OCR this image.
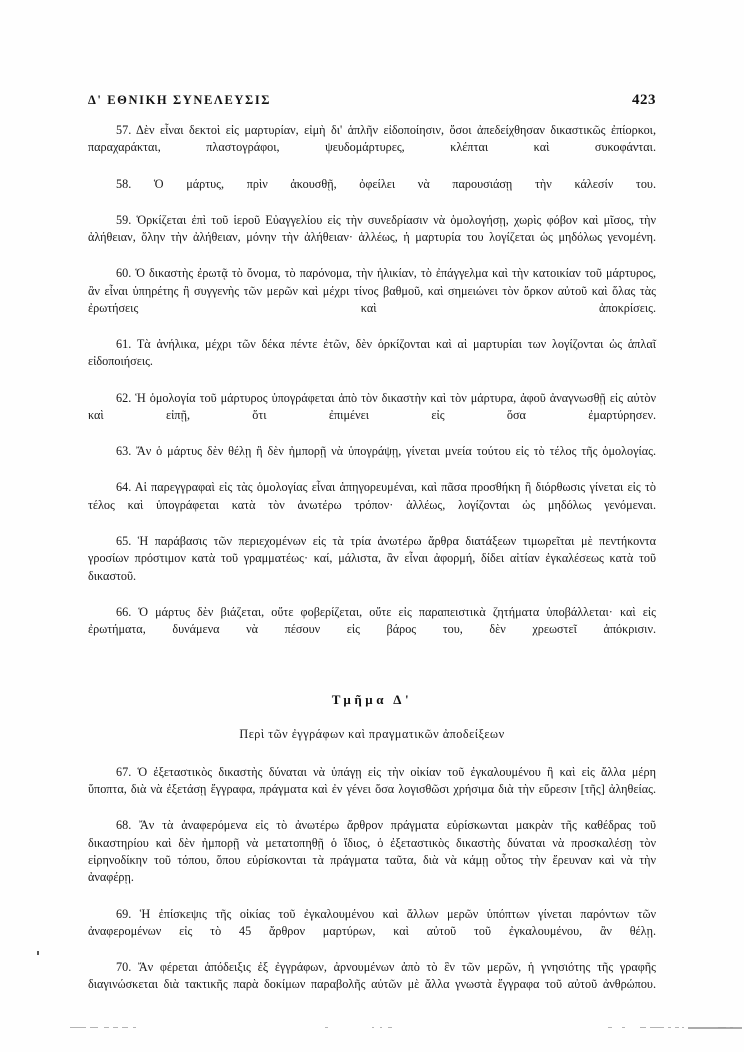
Δ' ΕΘΝΙΚΗ ΣΥΝΕΛΕΥΣΙΣ	423

57. Δὲν εἶναι δεκτοὶ εἰς μαρτυρίαν, εἰμὴ δι' ἁπλῆν εἰδοποίησιν, ὅσοι ἀπεδείχθησαν δικαστικῶς ἐπίορκοι, παραχαράκται, πλαστογράφοι, ψευδομάρτυρες, κλέπται καὶ συκοφάνται.

58. Ὁ μάρτυς, πρὶν ἀκουσθῇ, ὀφείλει νὰ παρουσιάσῃ τὴν κάλεσίν του.

59. Ὁρκίζεται ἐπὶ τοῦ ἱεροῦ Εὐαγγελίου εἰς τὴν συνεδρίασιν νὰ ὁμολογήσῃ, χωρὶς φόβον καὶ μῖσος, τὴν ἀλήθειαν, ὅλην τὴν ἀλήθειαν, μόνην τὴν ἀλήθειαν· ἀλλέως, ἡ μαρτυρία του λογίζεται ὡς μηδόλως γενομένη.

60. Ὁ δικαστὴς ἐρωτᾷ τὸ ὄνομα, τὸ παρόνομα, τὴν ἡλικίαν, τὸ ἐπάγγελμα καὶ τὴν κατοικίαν τοῦ μάρτυρος, ἂν εἶναι ὑπηρέτης ἢ συγγενὴς τῶν μερῶν καὶ μέχρι τίνος βαθμοῦ, καὶ σημειώνει τὸν ὅρκον αὐτοῦ καὶ ὅλας τὰς ἐρωτήσεις καὶ ἀποκρίσεις.

61. Τὰ ἀνήλικα, μέχρι τῶν δέκα πέντε ἐτῶν, δὲν ὁρκίζονται καὶ αἱ μαρτυρίαι των λογίζονται ὡς ἁπλαῖ εἰδοποιήσεις.

62. Ἡ ὁμολογία τοῦ μάρτυρος ὑπογράφεται ἀπὸ τὸν δικαστὴν καὶ τὸν μάρτυρα, ἀφοῦ ἀναγνωσθῇ εἰς αὐτὸν καὶ εἰπῇ, ὅτι ἐπιμένει εἰς ὅσα ἐμαρτύρησεν.

63. Ἄν ὁ μάρτυς δὲν θέλῃ ἢ δὲν ἠμπορῇ νὰ ὑπογράψῃ, γίνεται μνεία τούτου εἰς τὸ τέλος τῆς ὁμολογίας.

64. Αἱ παρεγγραφαὶ εἰς τὰς ὁμολογίας εἶναι ἀπηγορευμέναι, καὶ πᾶσα προσθήκη ἢ διόρθωσις γίνεται εἰς τὸ τέλος καὶ ὑπογράφεται κατὰ τὸν ἀνωτέρω τρόπον· ἀλλέως, λογίζονται ὡς μηδόλως γενόμεναι.

65. Ἡ παράβασις τῶν περιεχομένων εἰς τὰ τρία ἀνωτέρω ἄρθρα διατάξεων τιμωρεῖται μὲ πεντήκοντα γροσίων πρόστιμον κατὰ τοῦ γραμματέως· καί, μάλιστα, ἂν εἶναι ἀφορμή, δίδει αἰτίαν ἐγκαλέσεως κατὰ τοῦ δικαστοῦ.

66. Ὁ μάρτυς δὲν βιάζεται, οὔτε φοβερίζεται, οὔτε εἰς παραπειστικὰ ζητήματα ὑποβάλλεται· καὶ εἰς ἐρωτήματα, δυνάμενα νὰ πέσουν εἰς βάρος του, δὲν χρεωστεῖ ἀπόκρισιν.

Τμῆμα Δ'
Περὶ τῶν ἐγγράφων καὶ πραγματικῶν ἀποδείξεων

67. Ὁ ἐξεταστικὸς δικαστὴς δύναται νὰ ὑπάγῃ εἰς τὴν οἰκίαν τοῦ ἐγκαλουμένου ἢ καὶ εἰς ἄλλα μέρη ὕποπτα, διὰ νὰ ἐξετάσῃ ἔγγραφα, πράγματα καὶ ἐν γένει ὅσα λογισθῶσι χρήσιμα διὰ τὴν εὕρεσιν [τῆς] ἀληθείας.

68. Ἄν τὰ ἀναφερόμενα εἰς τὸ ἀνωτέρω ἄρθρον πράγματα εὑρίσκωνται μακρὰν τῆς καθέδρας τοῦ δικαστηρίου καὶ δὲν ἠμπορῇ νὰ μετατοπηθῇ ὁ ἴδιος, ὁ ἐξεταστικὸς δικαστὴς δύναται νὰ προσκαλέσῃ τὸν εἰρηνοδίκην τοῦ τόπου, ὅπου εὑρίσκονται τὰ πράγματα ταῦτα, διὰ νὰ κάμῃ οὗτος τὴν ἔρευναν καὶ νὰ τὴν ἀναφέρῃ.

69. Ἡ ἐπίσκεψις τῆς οἰκίας τοῦ ἐγκαλουμένου καὶ ἄλλων μερῶν ὑπόπτων γίνεται παρόντων τῶν ἀναφερομένων εἰς τὸ 45 ἄρθρον μαρτύρων, καὶ αὐτοῦ τοῦ ἐγκαλουμένου, ἂν θέλῃ.

70. Ἄν φέρεται ἀπόδειξις ἐξ ἐγγράφων, ἀρνουμένων ἀπὸ τὸ ἓν τῶν μερῶν, ἡ γνησιότης τῆς γραφῆς διαγινώσκεται διὰ τακτικῆς παρὰ δοκίμων παραβολῆς αὐτῶν μὲ ἄλλα γνωστὰ ἔγγραφα τοῦ αὐτοῦ ἀνθρώπου.
